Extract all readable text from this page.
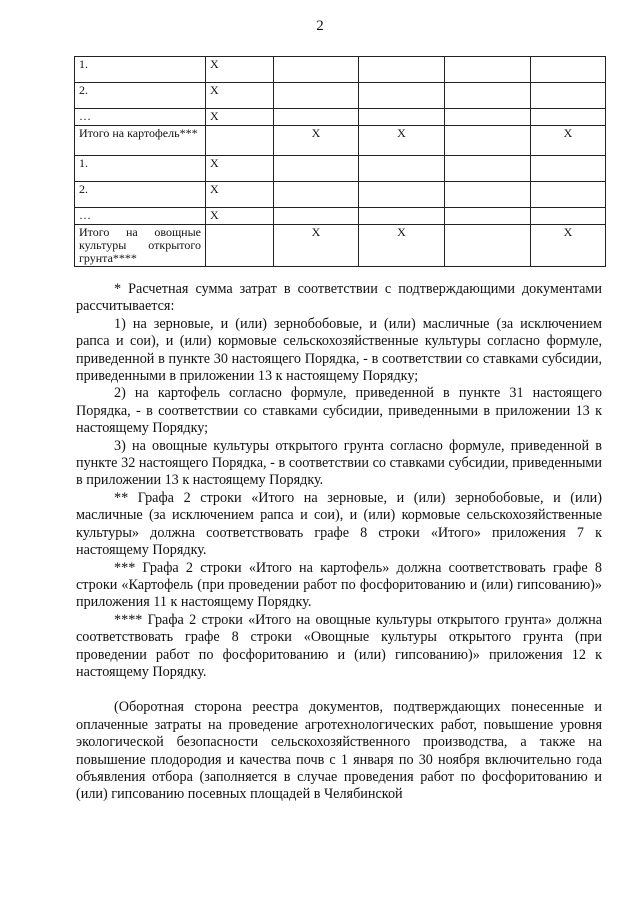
2
1.	X				
2.	X				
…	X				
Итого на картофель***		X	X		X
1.	X				
2.	X				
…	X				
Итого на овощные культуры открытого грунта****		X	X		X

* Расчетная сумма затрат в соответствии с подтверждающими документами рассчитывается:

1) на зерновые, и (или) зернобобовые, и (или) масличные (за исключением рапса и сои), и (или) кормовые сельскохозяйственные культуры согласно формуле, приведенной в пункте 30 настоящего Порядка, - в соответствии со ставками субсидии, приведенными в приложении 13 к настоящему Порядку;

2) на картофель согласно формуле, приведенной в пункте 31 настоящего Порядка, - в соответствии со ставками субсидии, приведенными в приложении 13 к настоящему Порядку;

3) на овощные культуры открытого грунта согласно формуле, приведенной в пункте 32 настоящего Порядка, - в соответствии со ставками субсидии, приведенными в приложении 13 к настоящему Порядку.

** Графа 2 строки «Итого на зерновые, и (или) зернобобовые, и (или) масличные (за исключением рапса и сои), и (или) кормовые сельскохозяйственные культуры» должна соответствовать графе 8 строки «Итого» приложения 7 к настоящему Порядку.

*** Графа 2 строки «Итого на картофель» должна соответствовать графе 8 строки «Картофель (при проведении работ по фосфоритованию и (или) гипсованию)» приложения 11 к настоящему Порядку.

**** Графа 2 строки «Итого на овощные культуры открытого грунта» должна соответствовать графе 8 строки «Овощные культуры открытого грунта (при проведении работ по фосфоритованию и (или) гипсованию)» приложения 12 к настоящему Порядку.

(Оборотная сторона реестра документов, подтверждающих понесенные и оплаченные затраты на проведение агротехнологических работ, повышение уровня экологической безопасности сельскохозяйственного производства, а также на повышение плодородия и качества почв с 1 января по 30 ноября включительно года объявления отбора (заполняется в случае проведения работ по фосфоритованию и (или) гипсованию посевных площадей в Челябинской
